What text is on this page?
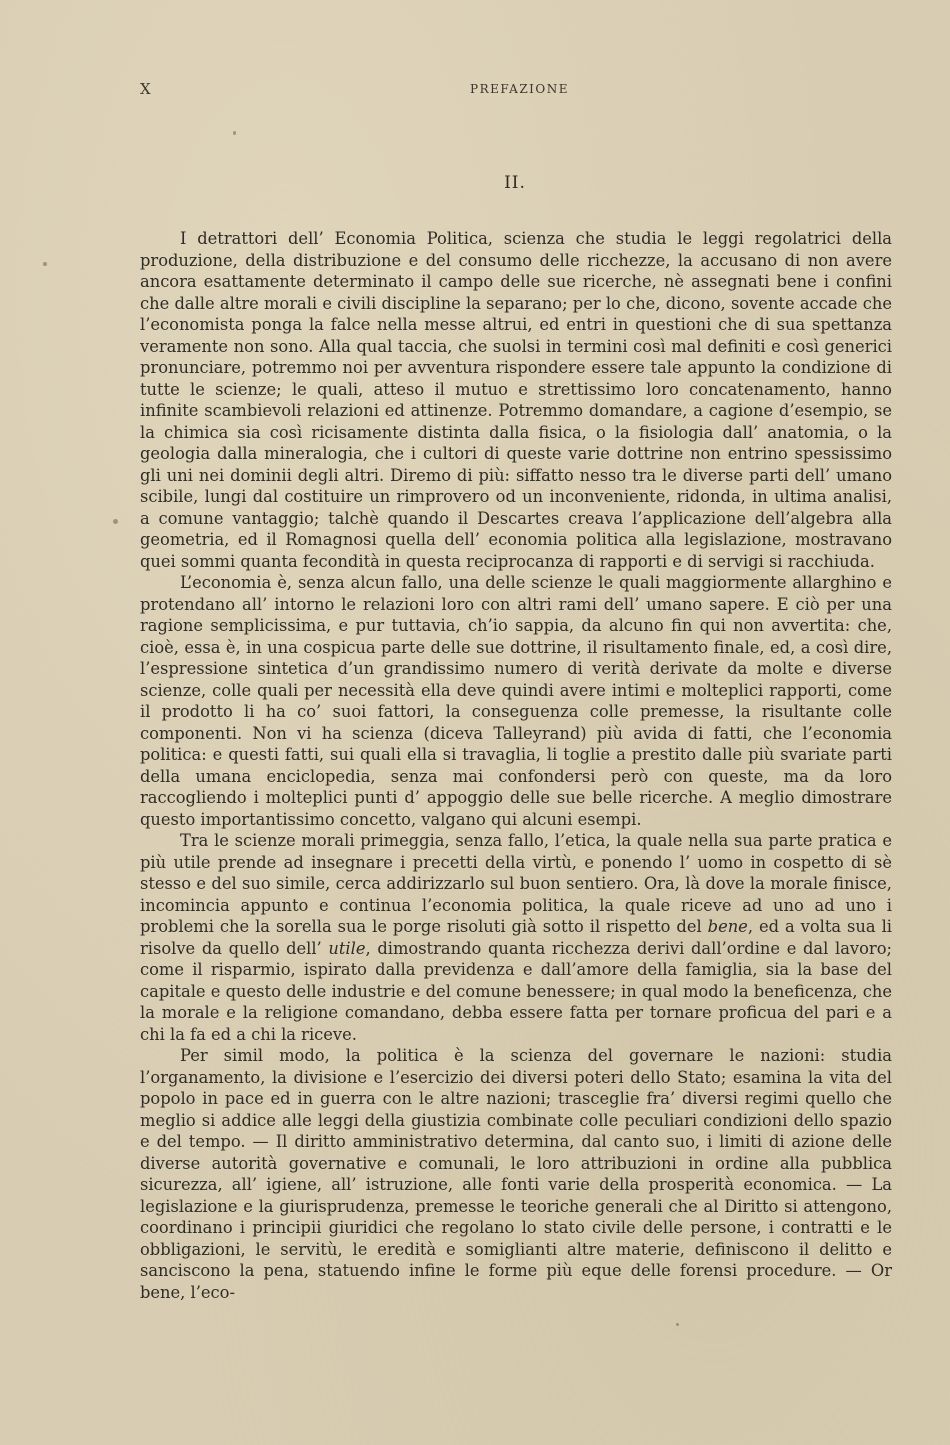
X	PREFAZIONE
II.

I detrattori dell’ Economia Politica, scienza che studia le leggi regolatrici della produzione, della distribuzione e del consumo delle ricchezze, la accusano di non avere ancora esattamente determinato il campo delle sue ricerche, nè assegnati bene i confini che dalle altre morali e civili discipline la separano; per lo che, dicono, sovente accade che l’economista ponga la falce nella messe altrui, ed entri in questioni che di sua spettanza veramente non sono. Alla qual taccia, che suolsi in termini così mal definiti e così generici pronunciare, potremmo noi per avventura rispondere essere tale appunto la condizione di tutte le scienze; le quali, atteso il mutuo e strettissimo loro concatenamento, hanno infinite scambievoli relazioni ed attinenze. Potremmo domandare, a cagione d’esempio, se la chimica sia così ricisamente distinta dalla fisica, o la fisiologia dall’ anatomia, o la geologia dalla mineralogia, che i cultori di queste varie dottrine non entrino spessissimo gli uni nei dominii degli altri. Diremo di più: siffatto nesso tra le diverse parti dell’ umano scibile, lungi dal costituire un rimprovero od un inconveniente, ridonda, in ultima analisi, a comune vantaggio; talchè quando il Descartes creava l’applicazione dell’algebra alla geometria, ed il Romagnosi quella dell’ economia politica alla legislazione, mostravano quei sommi quanta fecondità in questa reciprocanza di rapporti e di servigi si racchiuda.

L’economia è, senza alcun fallo, una delle scienze le quali maggiormente allarghino e protendano all’ intorno le relazioni loro con altri rami dell’ umano sapere. E ciò per una ragione semplicissima, e pur tuttavia, ch’io sappia, da alcuno fin qui non avvertita: che, cioè, essa è, in una cospicua parte delle sue dottrine, il risultamento finale, ed, a così dire, l’espressione sintetica d’un grandissimo numero di verità derivate da molte e diverse scienze, colle quali per necessità ella deve quindi avere intimi e molteplici rapporti, come il prodotto li ha co’ suoi fattori, la conseguenza colle premesse, la risultante colle componenti. Non vi ha scienza (diceva Talleyrand) più avida di fatti, che l’economia politica: e questi fatti, sui quali ella si travaglia, li toglie a prestito dalle più svariate parti della umana enciclopedia, senza mai confondersi però con queste, ma da loro raccogliendo i molteplici punti d’ appoggio delle sue belle ricerche. A meglio dimostrare questo importantissimo concetto, valgano qui alcuni esempi.

Tra le scienze morali primeggia, senza fallo, l’etica, la quale nella sua parte pratica e più utile prende ad insegnare i precetti della virtù, e ponendo l’ uomo in cospetto di sè stesso e del suo simile, cerca addirizzarlo sul buon sentiero. Ora, là dove la morale finisce, incomincia appunto e continua l’economia politica, la quale riceve ad uno ad uno i problemi che la sorella sua le porge risoluti già sotto il rispetto del bene, ed a volta sua li risolve da quello dell’ utile, dimostrando quanta ricchezza derivi dall’ordine e dal lavoro; come il risparmio, ispirato dalla previdenza e dall’amore della famiglia, sia la base del capitale e questo delle industrie e del comune benessere; in qual modo la beneficenza, che la morale e la religione comandano, debba essere fatta per tornare proficua del pari e a chi la fa ed a chi la riceve.

Per simil modo, la politica è la scienza del governare le nazioni: studia l’organamento, la divisione e l’esercizio dei diversi poteri dello Stato; esamina la vita del popolo in pace ed in guerra con le altre nazioni; trasceglie fra’ diversi regimi quello che meglio si addice alle leggi della giustizia combinate colle peculiari condizioni dello spazio e del tempo. — Il diritto amministrativo determina, dal canto suo, i limiti di azione delle diverse autorità governative e comunali, le loro attribuzioni in ordine alla pubblica sicurezza, all’ igiene, all’ istruzione, alle fonti varie della prosperità economica. — La legislazione e la giurisprudenza, premesse le teoriche generali che al Diritto si attengono, coordinano i principii giuridici che regolano lo stato civile delle persone, i contratti e le obbligazioni, le servitù, le eredità e somiglianti altre materie, definiscono il delitto e sanciscono la pena, statuendo infine le forme più eque delle forensi procedure. — Or bene, l’eco-
